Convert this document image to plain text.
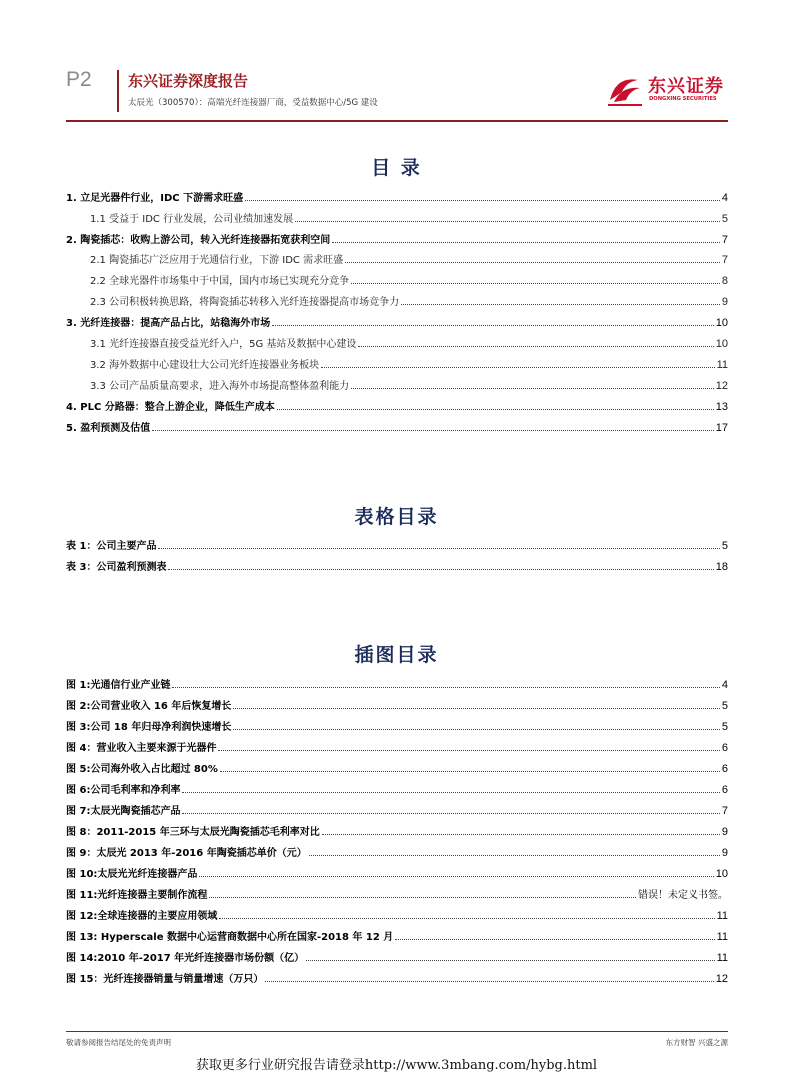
P2 东兴证券深度报告
太辰光（300570）：高端光纤连接器厂商，受益数据中心/5G 建设
东兴证券
DONGXING SECURITIES
目 录
1. 立足光器件行业，IDC 下游需求旺盛	4
1.1 受益于 IDC 行业发展，公司业绩加速发展	5
2. 陶瓷插芯：收购上游公司，转入光纤连接器拓宽获利空间	7
2.1 陶瓷插芯广泛应用于光通信行业，下游 IDC 需求旺盛	7
2.2 全球光器件市场集中于中国，国内市场已实现充分竞争	8
2.3 公司积极转换思路，将陶瓷插芯转移入光纤连接器提高市场竞争力	9
3. 光纤连接器：提高产品占比，站稳海外市场	10
3.1 光纤连接器直接受益光纤入户，5G 基站及数据中心建设	10
3.2 海外数据中心建设壮大公司光纤连接器业务板块	11
3.3 公司产品质量高要求，进入海外市场提高整体盈利能力	12
4. PLC 分路器：整合上游企业，降低生产成本	13
5. 盈利预测及估值	17
表格目录
表 1：公司主要产品	5
表 3：公司盈利预测表	18
插图目录
图 1:光通信行业产业链	4
图 2:公司营业收入 16 年后恢复增长	5
图 3:公司 18 年归母净利润快速增长	5
图 4：营业收入主要来源于光器件	6
图 5:公司海外收入占比超过 80%	6
图 6:公司毛利率和净利率	6
图 7:太辰光陶瓷插芯产品	7
图 8：2011-2015 年三环与太辰光陶瓷插芯毛利率对比	9
图 9：太辰光 2013 年-2016 年陶瓷插芯单价（元）	9
图 10:太辰光光纤连接器产品	10
图 11:光纤连接器主要制作流程	错误！未定义书签。
图 12:全球连接器的主要应用领域	11
图 13: Hyperscale 数据中心运营商数据中心所在国家-2018 年 12 月	11
图 14:2010 年-2017 年光纤连接器市场份额（亿）	11
图 15：光纤连接器销量与销量增速（万只）	12
敬请参阅报告结尾处的免责声明	东方财智 兴盛之源
获取更多行业研究报告请登录http://www.3mbang.com/hybg.html
